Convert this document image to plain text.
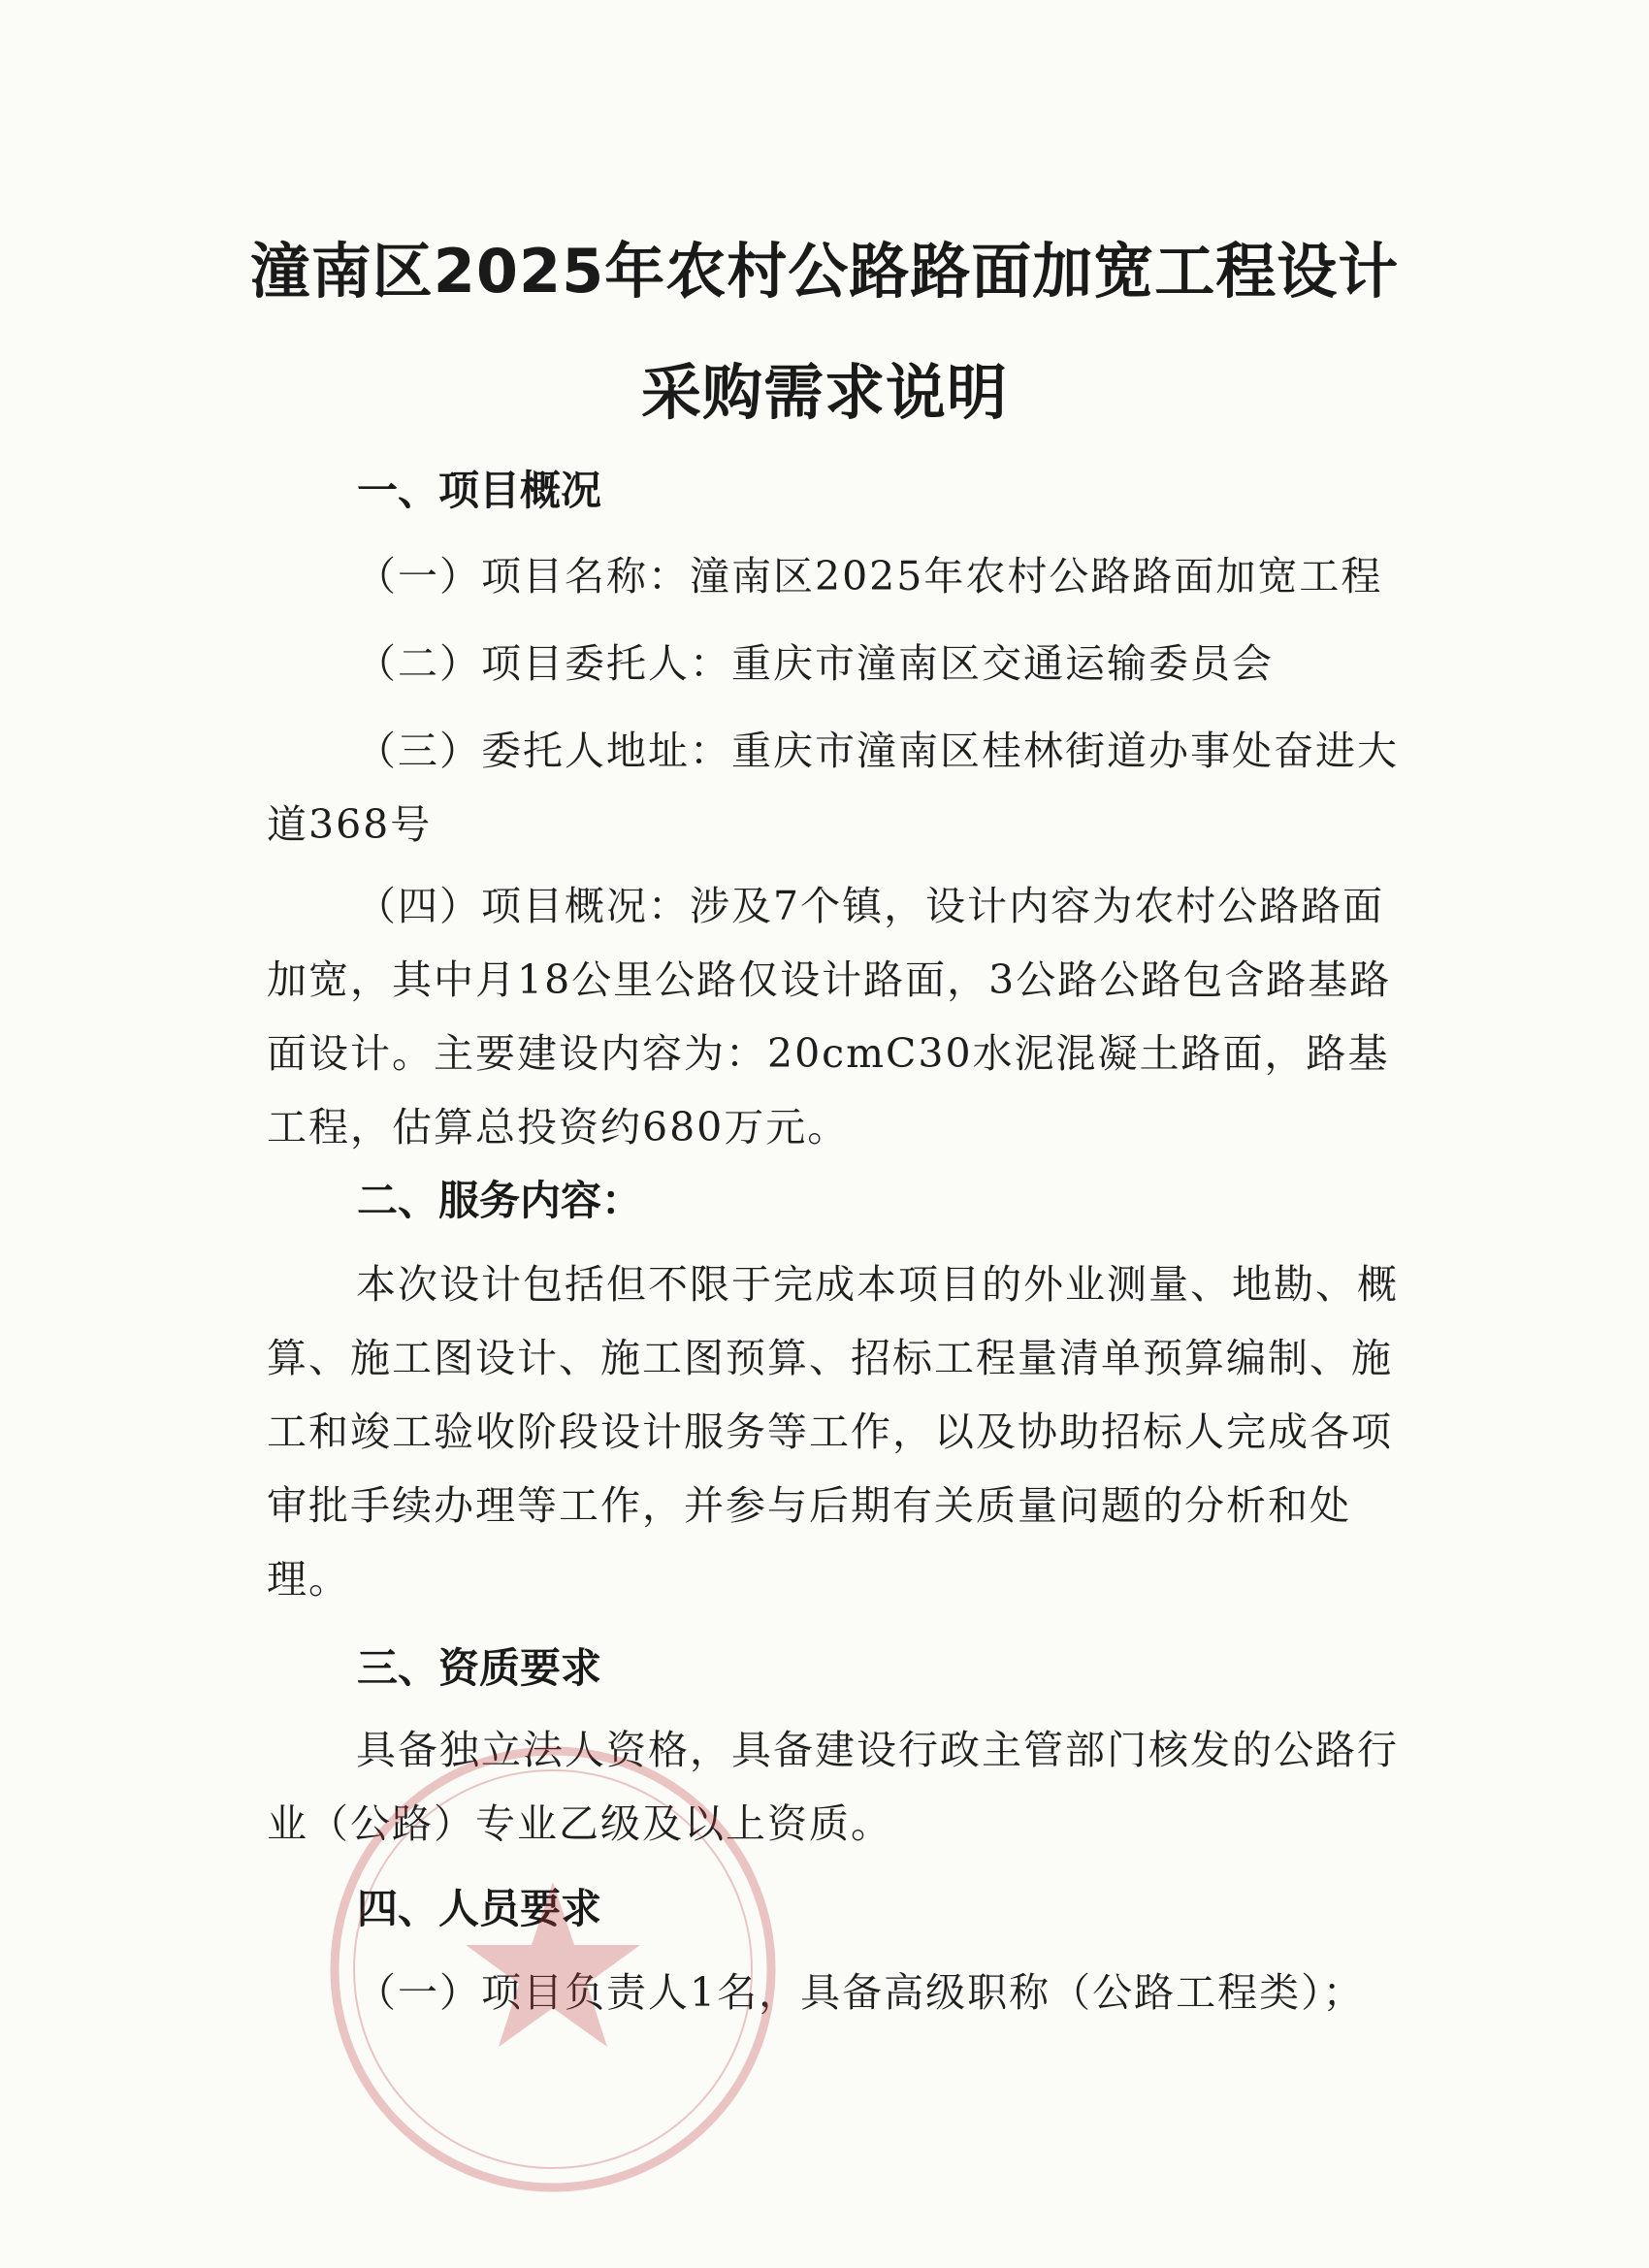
潼南区2025年农村公路路面加宽工程设计
采购需求说明
一、项目概况

（一）项目名称：潼南区2025年农村公路路面加宽工程

（二）项目委托人：重庆市潼南区交通运输委员会

（三）委托人地址：重庆市潼南区桂林街道办事处奋进大道368号

（四）项目概况：涉及7个镇，设计内容为农村公路路面加宽，其中月18公里公路仅设计路面，3公路公路包含路基路面设计。主要建设内容为：20cmC30水泥混凝土路面，路基工程，估算总投资约680万元。

二、服务内容：

本次设计包括但不限于完成本项目的外业测量、地勘、概算、施工图设计、施工图预算、招标工程量清单预算编制、施工和竣工验收阶段设计服务等工作，以及协助招标人完成各项审批手续办理等工作，并参与后期有关质量问题的分析和处理。

三、资质要求

具备独立法人资格，具备建设行政主管部门核发的公路行业（公路）专业乙级及以上资质。

四、人员要求

（一）项目负责人1名，具备高级职称（公路工程类）；
